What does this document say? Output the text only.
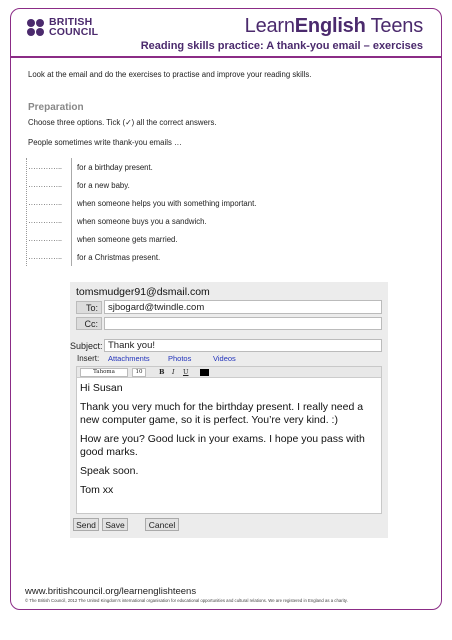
BRITISH
COUNCIL	LearnEnglish Teens
Reading skills practice: A thank-you email – exercises
Look at the email and do the exercises to practise and improve your reading skills.
Preparation
Choose three options. Tick (✓) all the correct answers.
People sometimes write thank-you emails …
…………..	for a birthday present.
…………..	for a new baby.
…………..	when someone helps you with something important.
…………..	when someone buys you a sandwich.
…………..	when someone gets married.
…………..	for a Christmas present.
tomsmudger91@dsmail.com
To:	sjbogard@twindle.com
Cc:
Subject: Thank you!
Insert: Attachments Photos	Videos
Tahoma	10	B I U

Hi Susan

Thank you very much for the birthday present. I really need a new computer game, so it is perfect. You’re very kind. :)

How are you? Good luck in your exams. I hope you pass with good marks.

Speak soon.

Tom xx

Send	Save	Cancel
www.britishcouncil.org/learnenglishteens
© The British Council, 2012 The United Kingdom’s international organisation for educational opportunities and cultural relations. We are registered in England as a charity.
